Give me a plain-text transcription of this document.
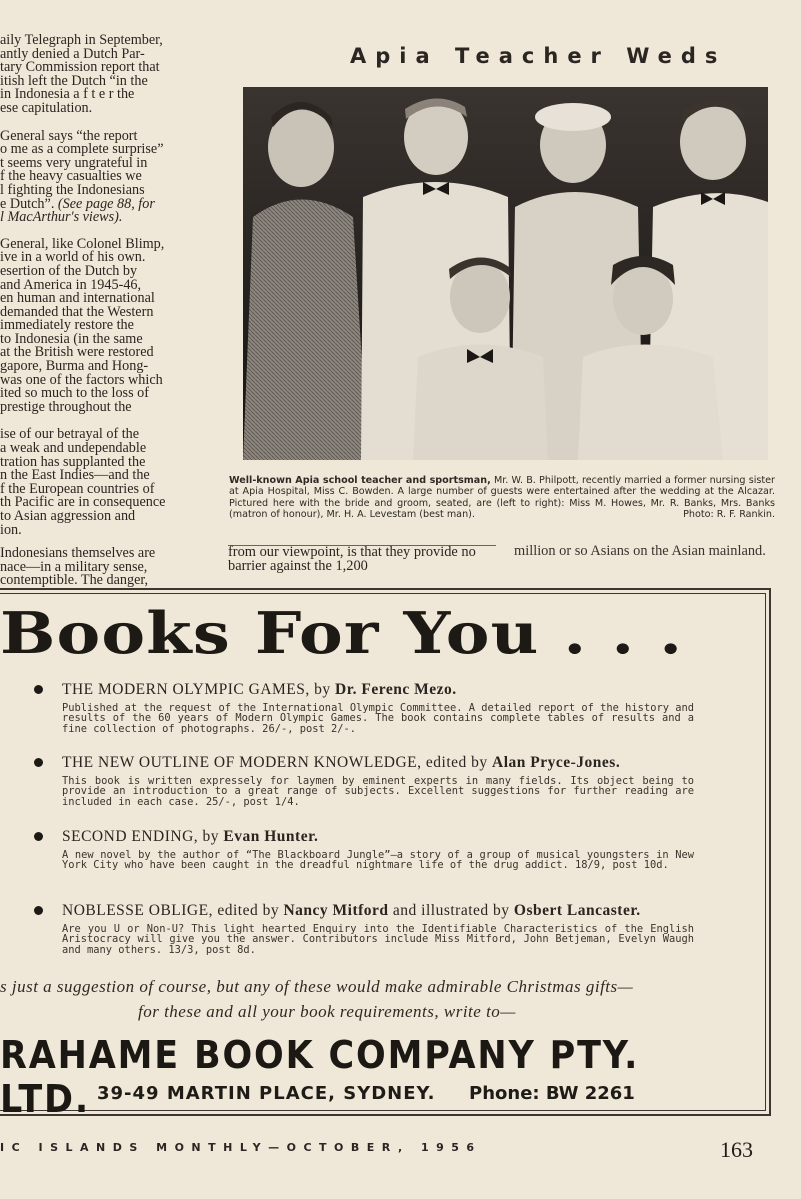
aily Telegraph in September,
antly denied a Dutch Par-
tary Commission report that
itish left the Dutch “in the
in Indonesia a f t e r the
ese capitulation.

General says “the report
o me as a complete surprise”
t seems very ungrateful in
f the heavy casualties we
l fighting the Indonesians
e Dutch”. (See page 88, for
l MacArthur's views).

General, like Colonel Blimp,
ive in a world of his own.
esertion of the Dutch by
and America in 1945-46,
en human and international
demanded that the Western
immediately restore the
to Indonesia (in the same
at the British were restored
gapore, Burma and Hong-
was one of the factors which
ited so much to the loss of
prestige throughout the

ise of our betrayal of the
a weak and undependable
tration has supplanted the
n the East Indies—and the
f the European countries of
th Pacific are in consequence
to Asian aggression and
ion.

Indonesians themselves are
nace—in a military sense,
contemptible. The danger,

Apia Teacher Weds
Well-known Apia school teacher and sportsman, Mr. W. B. Philpott, recently married a former nursing sister at Apia Hospital, Miss C. Bowden. A large number of guests were entertained after the wedding at the Alcazar. Pictured here with the bride and groom, seated, are (left to right): Miss M. Howes, Mr. R. Banks, Mrs. Banks (matron of honour), Mr. H. A. Levestam (best man).	Photo: R. F. Rankin.
from our viewpoint, is that they provide no barrier against the 1,200
million or so Asians on the Asian mainland.
Books For You . . .
THE MODERN OLYMPIC GAMES, by Dr. Ferenc Mezo.
Published at the request of the International Olympic Committee. A detailed report of the history and results of the 60 years of Modern Olympic Games. The book contains complete tables of results and a fine collection of photographs. 26/-, post 2/-.
THE NEW OUTLINE OF MODERN KNOWLEDGE, edited by Alan Pryce-Jones.
This book is written expressely for laymen by eminent experts in many fields. Its object being to provide an introduction to a great range of subjects. Excellent suggestions for further reading are included in each case. 25/-, post 1/4.
SECOND ENDING, by Evan Hunter.
A new novel by the author of “The Blackboard Jungle”—a story of a group of musical youngsters in New York City who have been caught in the dreadful nightmare life of the drug addict. 18/9, post 10d.
NOBLESSE OBLIGE, edited by Nancy Mitford and illustrated by Osbert Lancaster.
Are you U or Non-U? This light hearted Enquiry into the Identifiable Characteristics of the English Aristocracy will give you the answer. Contributors include Miss Mitford, John Betjeman, Evelyn Waugh and many others. 13/3, post 8d.
s just a suggestion of course, but any of these would make admirable Christmas gifts—
for these and all your book requirements, write to—
RAHAME BOOK COMPANY PTY. LTD. 39-49 MARTIN PLACE, SYDNEY. Phone: BW 2261
IC ISLANDS MONTHLY—OCTOBER, 1956	163
